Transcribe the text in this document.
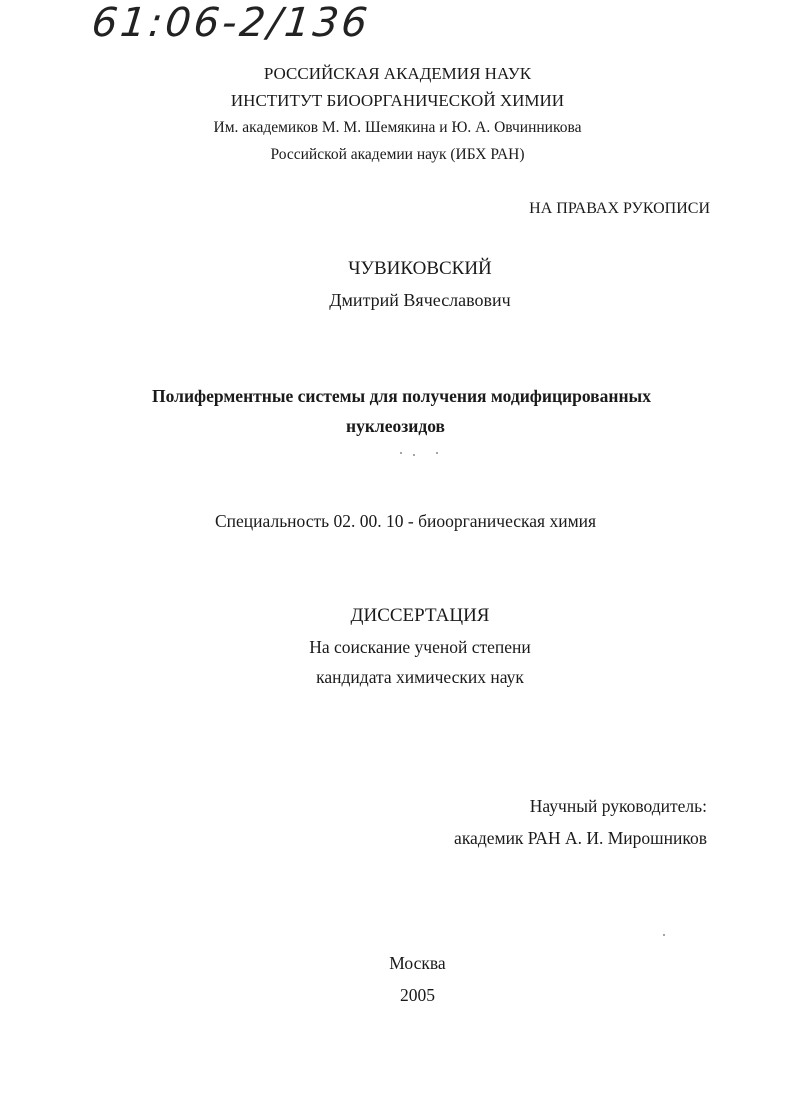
61:06-2/136
РОССИЙСКАЯ АКАДЕМИЯ НАУК
ИНСТИТУТ БИООРГАНИЧЕСКОЙ ХИМИИ
Им. академиков М. М. Шемякина и Ю. А. Овчинникова
Российской академии наук (ИБХ РАН)
НА ПРАВАХ РУКОПИСИ
ЧУВИКОВСКИЙ
Дмитрий Вячеславович
Полиферментные системы для получения модифицированных
нуклеозидов
Специальность 02. 00. 10 - биоорганическая химия
ДИССЕРТАЦИЯ
На соискание ученой степени
кандидата химических наук
Научный руководитель:
академик РАН А. И. Мирошников
Москва
2005
